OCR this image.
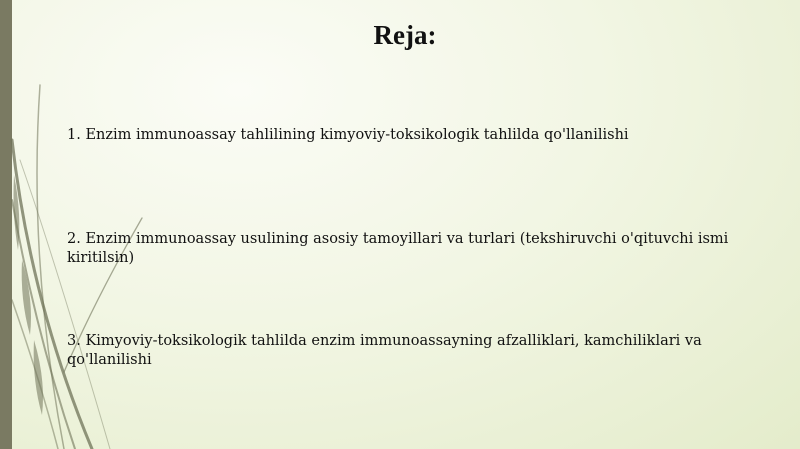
Reja:
1. Enzim immunoassay tahlilining kimyoviy-toksikologik tahlilda qo'llanilishi
2. Enzim immunoassay usulining asosiy tamoyillari va turlari (tekshiruvchi o'qituvchi ismi
kiritilsin)
3. Kimyoviy-toksikologik tahlilda enzim immunoassayning afzalliklari, kamchiliklari va
qo'llanilishi
